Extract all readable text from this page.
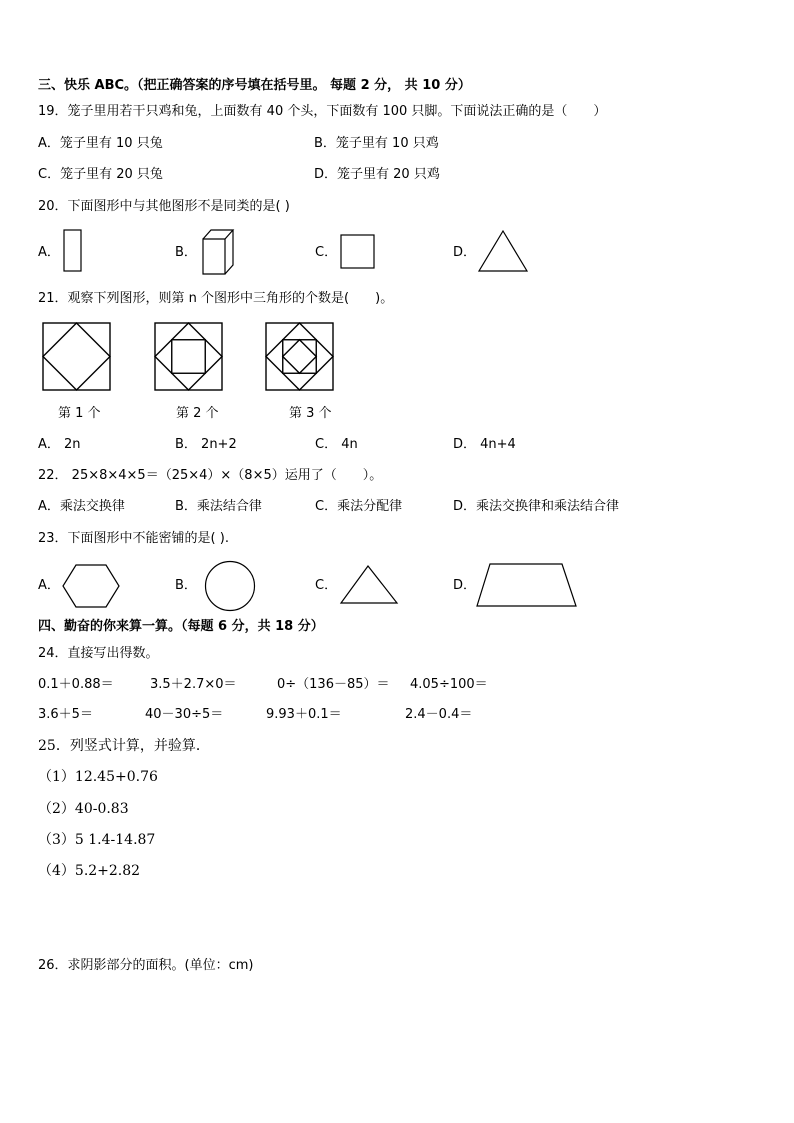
三、快乐 ABC。（把正确答案的序号填在括号里。 每题 2 分， 共 10 分）
19．笼子里用若干只鸡和兔，上面数有 40 个头，下面数有 100 只脚。下面说法正确的是（　　）
A．笼子里有 10 只兔	B．笼子里有 10 只鸡
C．笼子里有 20 只兔	D．笼子里有 20 只鸡
20．下面图形中与其他图形不是同类的是( )
A．	B．	C．	D．
21．观察下列图形，则第 n 个图形中三角形的个数是(　　)。
第 1 个	第 2 个	第 3 个
A． 2n	B． 2n+2	C． 4n	D． 4n+4
22． 25×8×4×5＝（25×4）×（8×5）运用了（　　）。
A．乘法交换律	B．乘法结合律	C．乘法分配律	D．乘法交换律和乘法结合律
23．下面图形中不能密铺的是( ).
A．	B．	C．	D．
四、勤奋的你来算一算。（每题 6 分，共 18 分）
24．直接写出得数。
0.1＋0.88＝	3.5＋2.7×0＝	0÷（136－85）＝ 4.05÷100＝
3.6＋5＝	40－30÷5＝	9.93＋0.1＝	2.4－0.4＝
25．列竖式计算，并验算．
（1）12.45+0.76
（2）40-0.83
（3）5 1.4-14.87
（4）5.2+2.82
26．求阴影部分的面积。(单位：cm)
